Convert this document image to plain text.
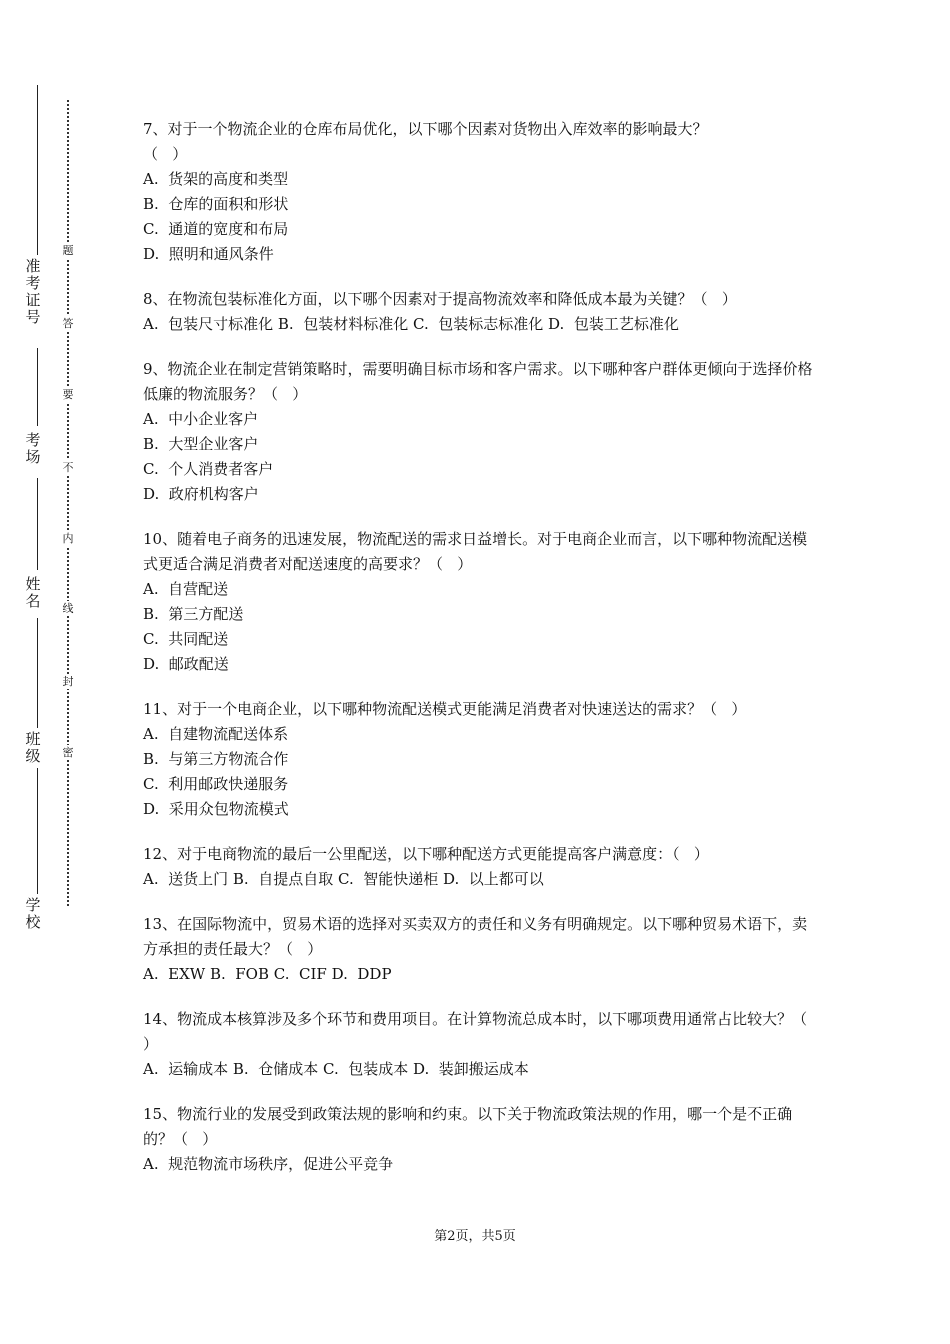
准
考
证
号
考
场
姓
名
班
级
学
校
题
答
要
不
内
线
封
密

7、对于一个物流企业的仓库布局优化，以下哪个因素对货物出入库效率的影响最大？
（   ）

A.  货架的高度和类型

B.  仓库的面积和形状

C.  通道的宽度和布局

D.  照明和通风条件

8、在物流包装标准化方面，以下哪个因素对于提高物流效率和降低成本最为关键？（   ）

A.  包装尺寸标准化 B.  包装材料标准化 C.  包装标志标准化 D.  包装工艺标准化

9、物流企业在制定营销策略时，需要明确目标市场和客户需求。以下哪种客户群体更倾向于选择价格低廉的物流服务？（   ）

A.  中小企业客户

B.  大型企业客户

C.  个人消费者客户

D.  政府机构客户

10、随着电子商务的迅速发展，物流配送的需求日益增长。对于电商企业而言，以下哪种物流配送模式更适合满足消费者对配送速度的高要求？（   ）

A.  自营配送

B.  第三方配送

C.  共同配送

D.  邮政配送

11、对于一个电商企业，以下哪种物流配送模式更能满足消费者对快速送达的需求？（   ）

A.  自建物流配送体系

B.  与第三方物流合作

C.  利用邮政快递服务

D.  采用众包物流模式

12、对于电商物流的最后一公里配送，以下哪种配送方式更能提高客户满意度：（   ）

A.  送货上门 B.  自提点自取 C.  智能快递柜 D.  以上都可以

13、在国际物流中，贸易术语的选择对买卖双方的责任和义务有明确规定。以下哪种贸易术语下，卖方承担的责任最大？（   ）

A.  EXW B.  FOB C.  CIF D.  DDP

14、物流成本核算涉及多个环节和费用项目。在计算物流总成本时，以下哪项费用通常占比较大？（   ）

A.  运输成本 B.  仓储成本 C.  包装成本 D.  装卸搬运成本

15、物流行业的发展受到政策法规的影响和约束。以下关于物流政策法规的作用，哪一个是不正确的？（   ）

A.  规范物流市场秩序，促进公平竞争

第2页，共5页
